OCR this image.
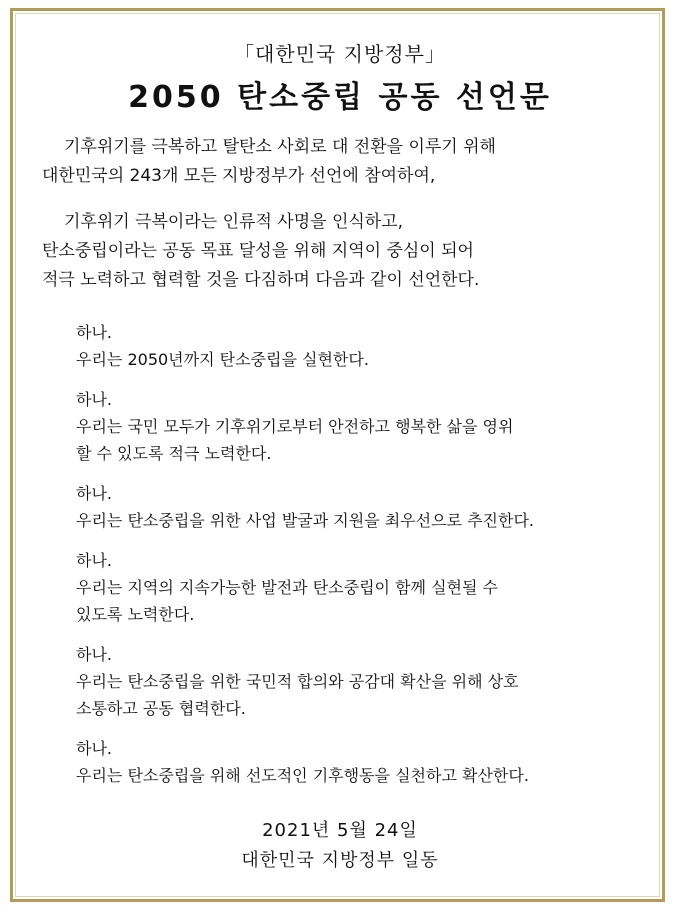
「대한민국 지방정부」
2050 탄소중립 공동 선언문

기후위기를 극복하고 탈탄소 사회로 대 전환을 이루기 위해

대한민국의 243개 모든 지방정부가 선언에 참여하여,

기후위기 극복이라는 인류적 사명을 인식하고,

탄소중립이라는 공동 목표 달성을 위해 지역이 중심이 되어

적극 노력하고 협력할 것을 다짐하며 다음과 같이 선언한다.

하나.
우리는 2050년까지 탄소중립을 실현한다.
하나.
우리는 국민 모두가 기후위기로부터 안전하고 행복한 삶을 영위
할 수 있도록 적극 노력한다.
하나.
우리는 탄소중립을 위한 사업 발굴과 지원을 최우선으로 추진한다.
하나.
우리는 지역의 지속가능한 발전과 탄소중립이 함께 실현될 수
있도록 노력한다.
하나.
우리는 탄소중립을 위한 국민적 합의와 공감대 확산을 위해 상호
소통하고 공동 협력한다.
하나.
우리는 탄소중립을 위해 선도적인 기후행동을 실천하고 확산한다.
2021년 5월 24일
대한민국 지방정부 일동
